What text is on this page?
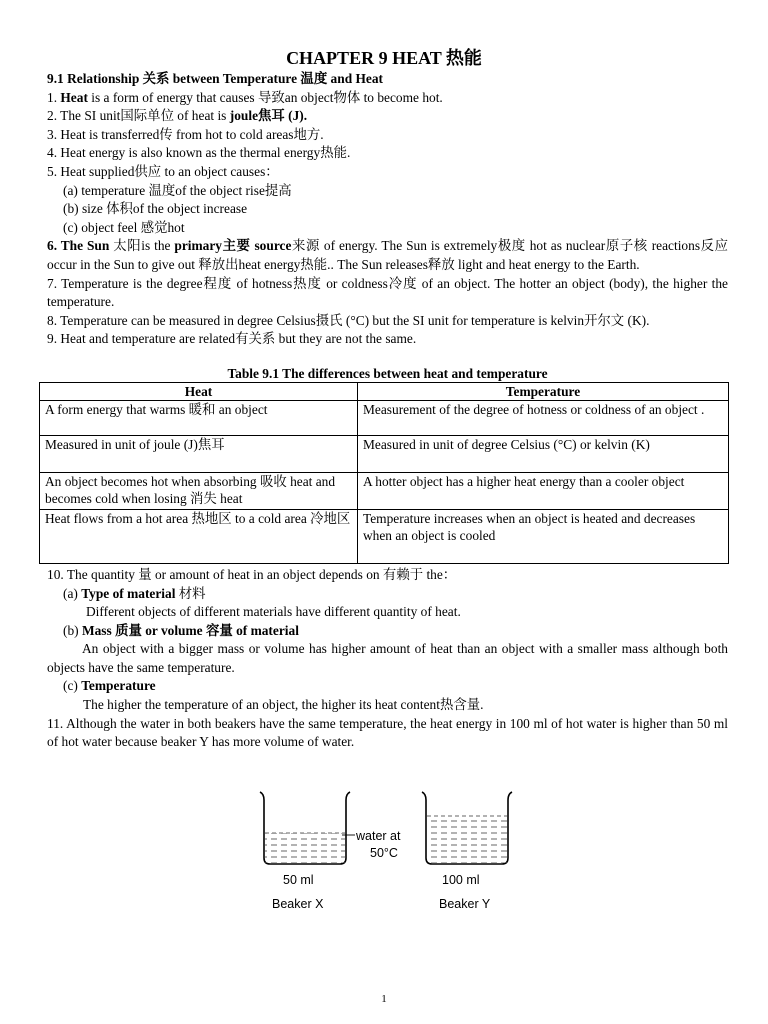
CHAPTER 9 HEAT 热能

9.1 Relationship 关系 between Temperature 温度 and Heat

1. Heat is a form of energy that causes 导致an object物体 to become hot.

2. The SI unit国际单位 of heat is joule焦耳 (J).

3. Heat is transferred传 from hot to cold areas地方.

4. Heat energy is also known as the thermal energy热能.

5. Heat supplied供应 to an object causes：

(a) temperature 温度of the object rise提高

(b) size 体积of the object increase

(c) object feel 感觉hot

6. The Sun 太阳is the primary主要 source来源 of energy. The Sun is extremely极度 hot as nuclear原子核 reactions反应 occur in the Sun to give out 释放出heat energy热能.. The Sun releases释放 light and heat energy to the Earth.

7. Temperature is the degree程度 of hotness热度 or coldness冷度 of an object. The hotter an object (body), the higher the temperature.

8. Temperature can be measured in degree Celsius摄氏 (°C) but the SI unit for temperature is kelvin开尔文 (K).

9. Heat and temperature are related有关系 but they are not the same.

Table 9.1 The differences between heat and temperature

Heat	Temperature
A form energy that warms 暖和 an object	Measurement of the degree of hotness or coldness of an object .
Measured in unit of joule (J)焦耳	Measured in unit of degree Celsius (°C) or kelvin (K)
An object becomes hot when absorbing 吸收 heat and becomes cold when losing 消失 heat	A hotter object has a higher heat energy than a cooler object
Heat flows from a hot area 热地区 to a cold area 冷地区	Temperature increases when an object is heated and decreases when an object is cooled

10. The quantity 量 or amount of heat in an object depends on 有赖于 the：

(a) Type of material 材料

Different objects of different materials have different quantity of heat.

(b) Mass 质量 or volume 容量 of material

An object with a bigger mass or volume has higher amount of heat than an object with a smaller mass although both objects have the same temperature.

(c) Temperature

The higher the temperature of an object, the higher its heat content热含量.

11. Although the water in both beakers have the same temperature, the heat energy in 100 ml of hot water is higher than 50 ml of hot water because beaker Y has more volume of water.

water at
50°C
50 ml	100 ml
Beaker X	Beaker Y
1
